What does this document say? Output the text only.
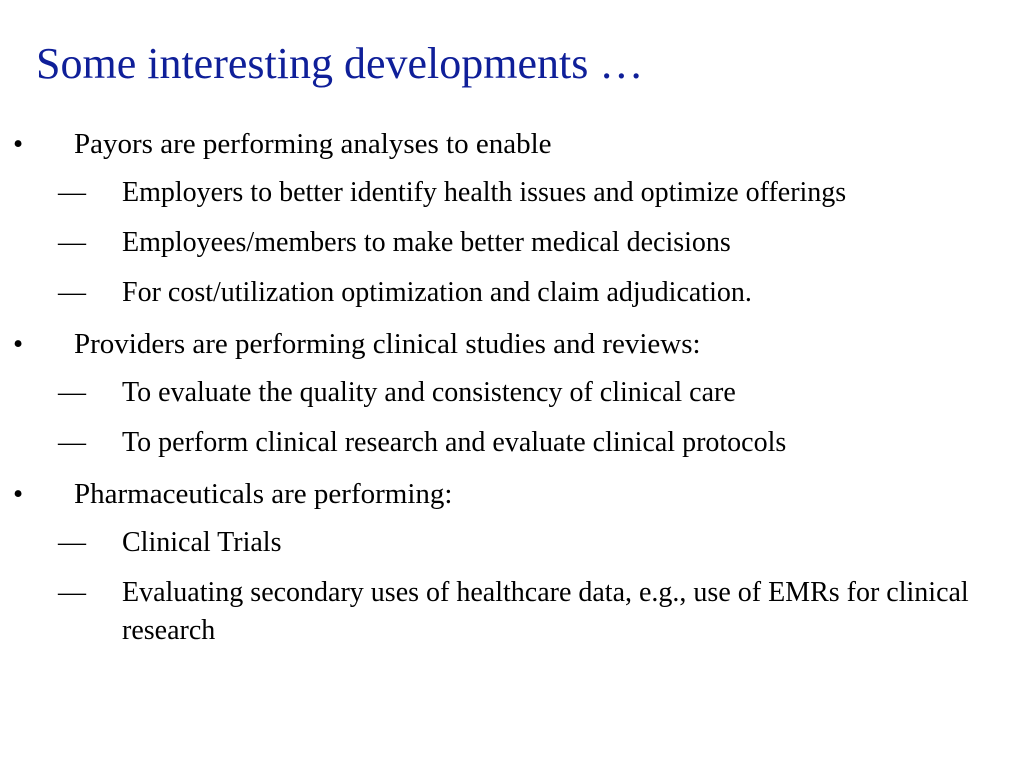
Some interesting developments …
•	Payors are performing analyses to enable
—	Employers to better identify health issues and optimize offerings
—	Employees/members to make better medical decisions
—	For cost/utilization optimization and claim adjudication.
•	Providers are performing clinical studies and reviews:
—	To evaluate the quality and consistency of clinical care
—	To perform clinical research and evaluate clinical protocols
•	Pharmaceuticals are performing:
—	Clinical Trials
—	Evaluating secondary uses of healthcare data, e.g., use of EMRs for clinical research
